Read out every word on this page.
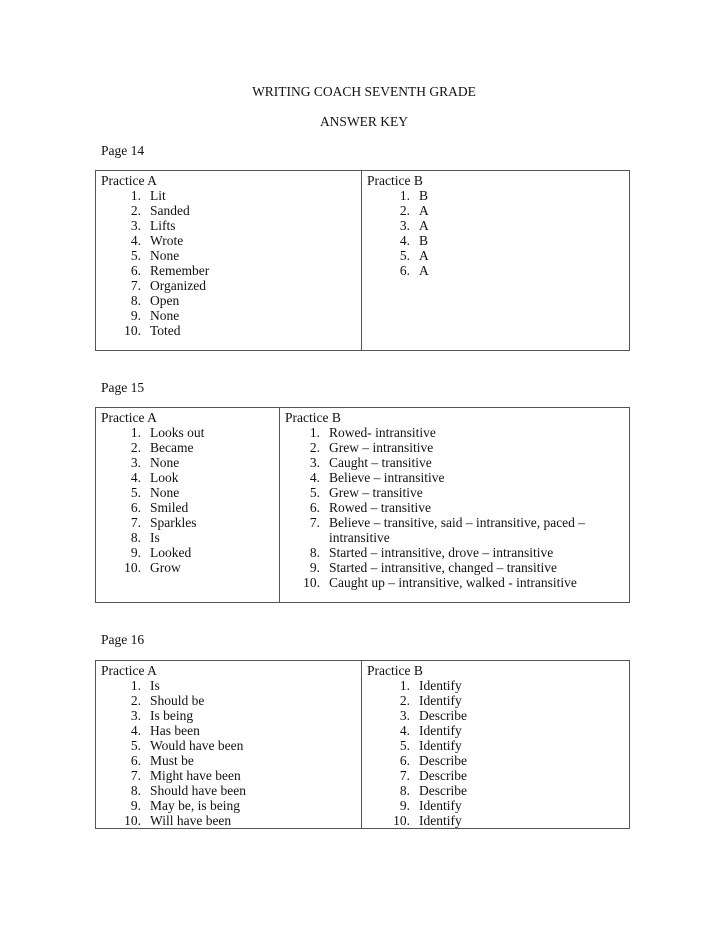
WRITING COACH SEVENTH GRADE
ANSWER KEY
Page 14
Practice A
1. Lit
2. Sanded
3. Lifts
4. Wrote
5. None
6. Remember
7. Organized
8. Open
9. None
10. Toted

Practice B
1. B
2. A
3. A
4. B
5. A
6. A
Page 15
Practice A
1. Looks out
2. Became
3. None
4. Look
5. None
6. Smiled
7. Sparkles
8. Is
9. Looked
10. Grow

Practice B
1. Rowed- intransitive
2. Grew – intransitive
3. Caught – transitive
4. Believe – intransitive
5. Grew – transitive
6. Rowed – transitive
7. Believe – transitive, said – intransitive, paced – intransitive
8. Started – intransitive, drove – intransitive
9. Started – intransitive, changed – transitive
10. Caught up – intransitive, walked - intransitive
Page 16
Practice A
1. Is
2. Should be
3. Is being
4. Has been
5. Would have been
6. Must be
7. Might have been
8. Should have been
9. May be, is being
10. Will have been

Practice B
1. Identify
2. Identify
3. Describe
4. Identify
5. Identify
6. Describe
7. Describe
8. Describe
9. Identify
10. Identify
